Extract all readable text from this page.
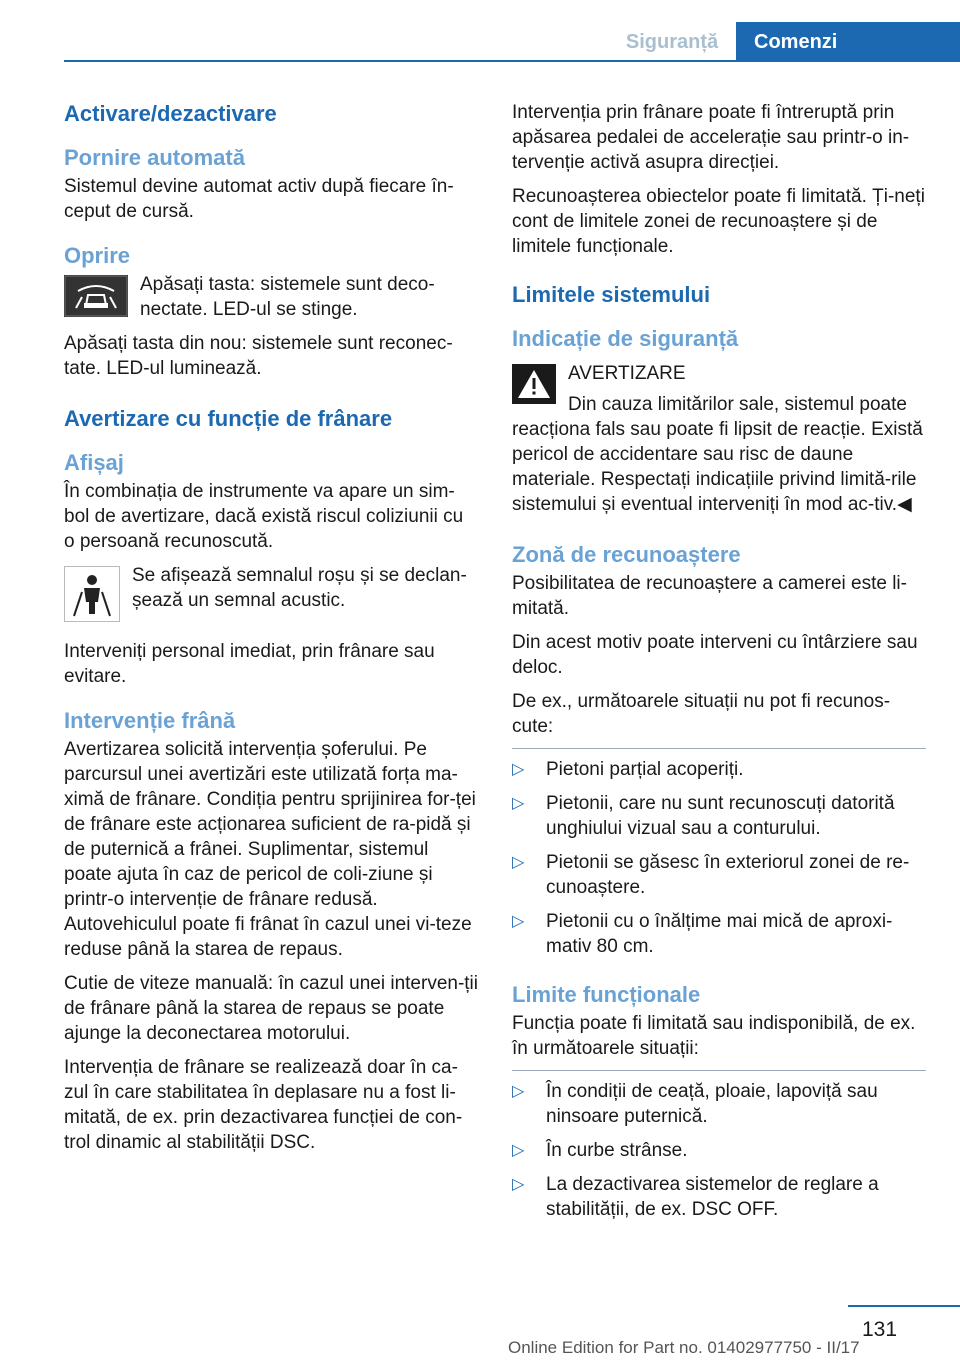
Siguranță	Comenzi
Activare/dezactivare
Pornire automată

Sistemul devine automat activ după fiecare în-ceput de cursă.

Oprire

Apăsați tasta: sistemele sunt deco-nectate. LED-ul se stinge.

Apăsați tasta din nou: sistemele sunt reconec-tate. LED-ul luminează.

Avertizare cu funcție de frânare
Afișaj

În combinația de instrumente va apare un sim-bol de avertizare, dacă există riscul coliziunii cu o persoană recunoscută.

Se afișează semnalul roșu și se declan-șează un semnal acustic.

Interveniți personal imediat, prin frânare sau evitare.

Intervenție frână

Avertizarea solicită intervenția șoferului. Pe parcursul unei avertizări este utilizată forța ma-ximă de frânare. Condiția pentru sprijinirea for-ței de frânare este acționarea suficient de ra-pidă și de puternică a frânei. Suplimentar, sistemul poate ajuta în caz de pericol de coli-ziune și printr-o intervenție de frânare redusă. Autovehiculul poate fi frânat în cazul unei vi-teze reduse până la starea de repaus.

Cutie de viteze manuală: în cazul unei interven-ții de frânare până la starea de repaus se poate ajunge la deconectarea motorului.

Intervenția de frânare se realizează doar în ca-zul în care stabilitatea în deplasare nu a fost li-mitată, de ex. prin dezactivarea funcției de con-trol dinamic al stabilității DSC.

Intervenția prin frânare poate fi întreruptă prin apăsarea pedalei de accelerație sau printr-o in-tervenție activă asupra direcției.

Recunoașterea obiectelor poate fi limitată. Ți-neți cont de limitele zonei de recunoaștere și de limitele funcționale.

Limitele sistemului
Indicație de siguranță

AVERTIZARE

Din cauza limitărilor sale, sistemul poate

reacționa fals sau poate fi lipsit de reacție. Există pericol de accidentare sau risc de daune materiale. Respectați indicațiile privind limită-rile sistemului și eventual interveniți în mod ac-tiv.◀

Zonă de recunoaștere

Posibilitatea de recunoaștere a camerei este li-mitată.

Din acest motiv poate interveni cu întârziere sau deloc.

De ex., următoarele situații nu pot fi recunos-cute:

▷ Pietoni parțial acoperiți.
▷ Pietonii, care nu sunt recunoscuți datorită unghiului vizual sau a conturului.
▷ Pietonii se găsesc în exteriorul zonei de re-cunoaștere.
▷ Pietonii cu o înălțime mai mică de aproxi-mativ 80 cm.
Limite funcționale

Funcția poate fi limitată sau indisponibilă, de ex. în următoarele situații:

▷ În condiții de ceață, ploaie, lapoviță sau ninsoare puternică.
▷ În curbe strânse.
▷ La dezactivarea sistemelor de reglare a stabilității, de ex. DSC OFF.
131
Online Edition for Part no. 01402977750 - II/17
